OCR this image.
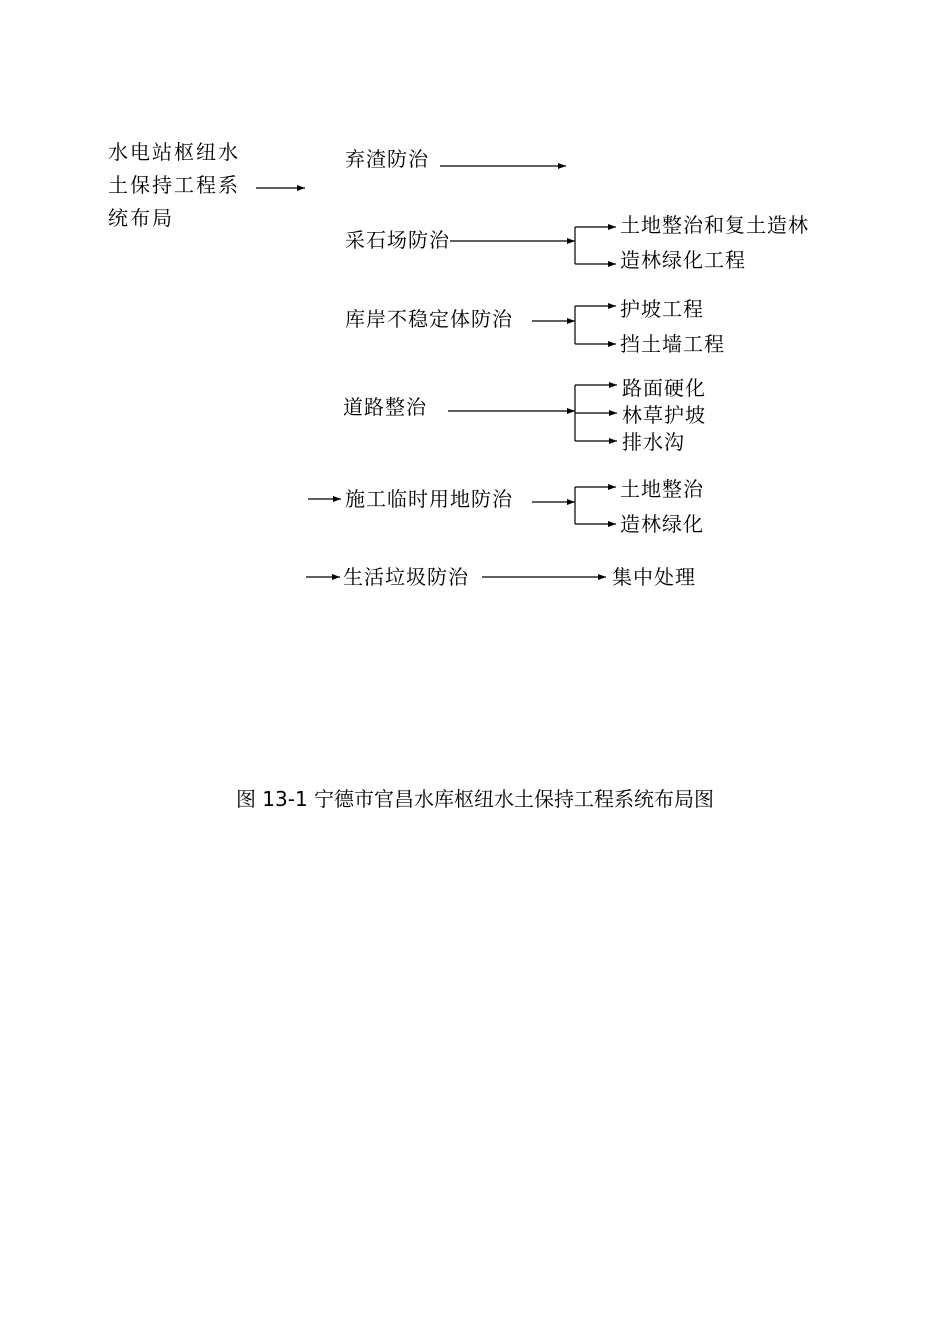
水电站枢纽水
土保持工程系
统布局
弃渣防治
采石场防治
库岸不稳定体防治
道路整治
施工临时用地防治
生活垃圾防治
土地整治和复土造林
造林绿化工程
护坡工程
挡土墙工程
路面硬化
林草护坡
排水沟
土地整治
造林绿化
集中处理
图 13-1 宁德市官昌水库枢纽水土保持工程系统布局图
